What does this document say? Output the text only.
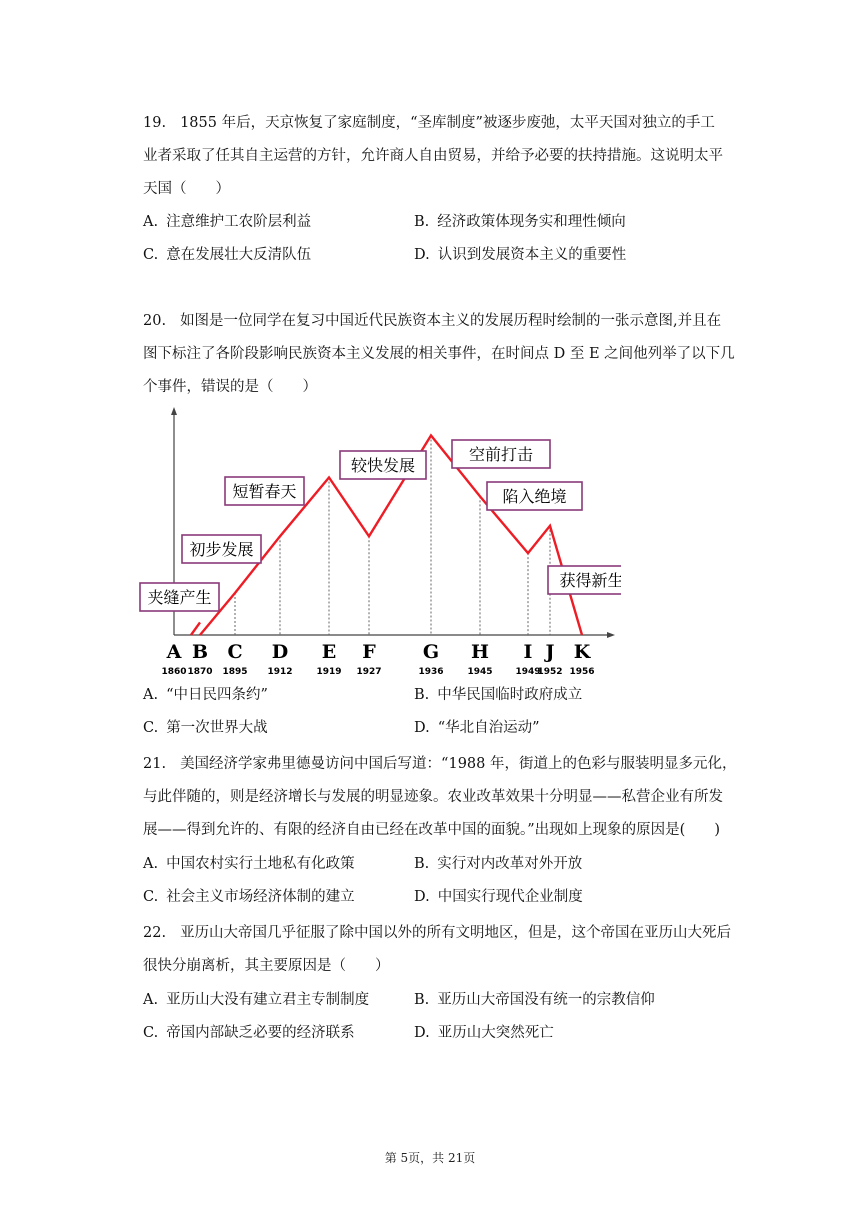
19. 1855 年后，天京恢复了家庭制度，“圣库制度”被逐步废弛，太平天国对独立的手工

业者采取了任其自主运营的方针，允许商人自由贸易，并给予必要的扶持措施。这说明太平

天国（　　）

A. 注意维护工农阶层利益	B. 经济政策体现务实和理性倾向
C. 意在发展壮大反清队伍	D. 认识到发展资本主义的重要性

20. 如图是一位同学在复习中国近代民族资本主义的发展历程时绘制的一张示意图,并且在

图下标注了各阶段影响民族资本主义发展的相关事件，在时间点 D 至 E 之间他列举了以下几

个事件，错误的是（　　）

A
1860
B
1870
C
1895
D
1912
E
1919
F
1927
G
1936
H
1945
I
1949
J
1952
K
1956
夹缝产生
初步发展
短暂春天
较快发展
空前打击
陷入绝境
获得新生
A. “中日民四条约”	B. 中华民国临时政府成立
C. 第一次世界大战	D. “华北自治运动”

21. 美国经济学家弗里德曼访问中国后写道：“1988 年，街道上的色彩与服装明显多元化，

与此伴随的，则是经济增长与发展的明显迹象。农业改革效果十分明显——私营企业有所发

展——得到允许的、有限的经济自由已经在改革中国的面貌。”出现如上现象的原因是(　　)

A. 中国农村实行土地私有化政策	B. 实行对内改革对外开放
C. 社会主义市场经济体制的建立	D. 中国实行现代企业制度

22. 亚历山大帝国几乎征服了除中国以外的所有文明地区，但是，这个帝国在亚历山大死后

很快分崩离析，其主要原因是（　　）

A. 亚历山大没有建立君主专制制度	B. 亚历山大帝国没有统一的宗教信仰
C. 帝国内部缺乏必要的经济联系	D. 亚历山大突然死亡
第 5页，共 21页
